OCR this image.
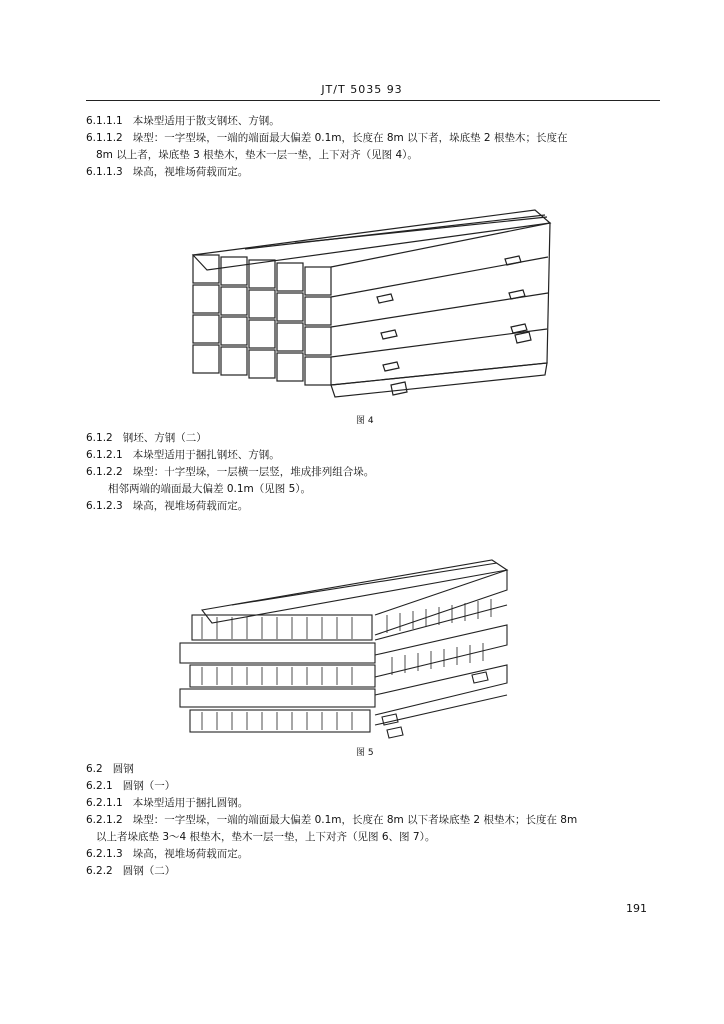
JT/T 5035 93
6.1.1.1 本垛型适用于散支钢坯、方钢。
6.1.1.2 垛型：一字型垛，一端的端面最大偏差 0.1m，长度在 8m 以下者，垛底垫 2 根垫木；长度在
8m 以上者，垛底垫 3 根垫木，垫木一层一垫，上下对齐（见图 4）。
6.1.1.3 垛高，视堆场荷载而定。
图 4
6.1.2 钢坯、方钢（二）
6.1.2.1 本垛型适用于捆扎钢坯、方钢。
6.1.2.2 垛型：十字型垛，一层横一层竖，堆成排列组合垛。
相邻两端的端面最大偏差 0.1m（见图 5）。
6.1.2.3 垛高，视堆场荷载而定。
图 5
6.2 圆钢
6.2.1 圆钢（一）
6.2.1.1 本垛型适用于捆扎圆钢。
6.2.1.2 垛型：一字型垛，一端的端面最大偏差 0.1m，长度在 8m 以下者垛底垫 2 根垫木；长度在 8m
以上者垛底垫 3～4 根垫木，垫木一层一垫，上下对齐（见图 6、图 7）。
6.2.1.3 垛高，视堆场荷载而定。
6.2.2 圆钢（二）
191
